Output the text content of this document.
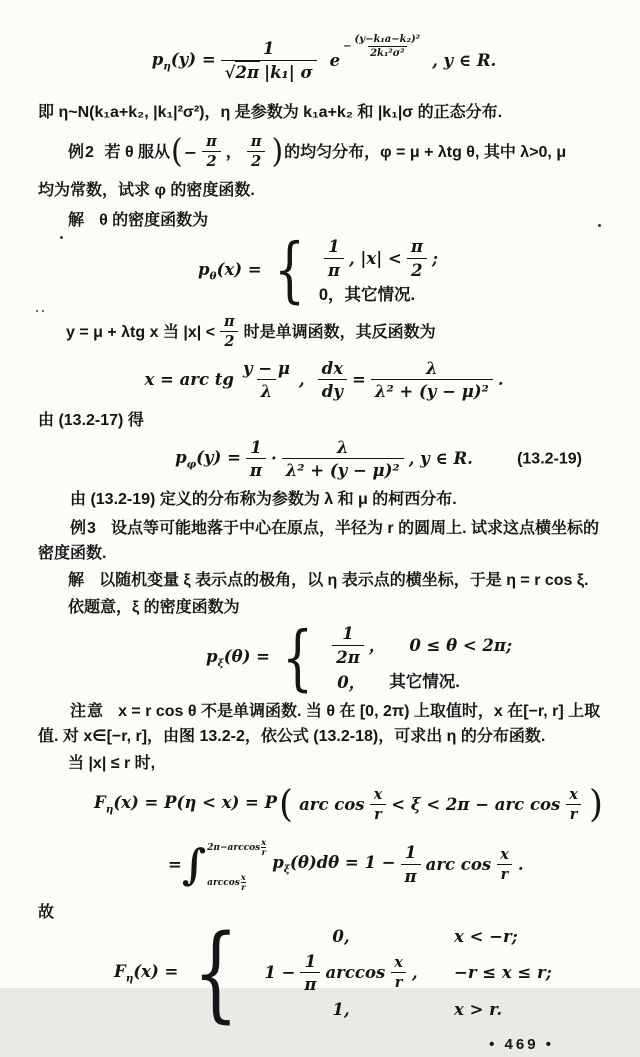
$p_\eta(y) = \frac{1}{\text{√2π |k₁| σ}}$ e
− $\frac{\text{(y−k₁a−k₂)²}}{\text{2k₁²σ²}}$
, y ∈ R.

即 η~N(k₁a+k₂, |k₁|²σ²)，η 是参数为 k₁a+k₂ 和 |k₁|σ 的正态分布.

例2 若 θ 服从 ( − $\frac{\pi}{2}$ ， $\frac{\pi}{2}$ ) 的均匀分布，φ = μ + λtg θ, 其中 λ>0, μ

均为常数，试求 φ 的密度函数.

解 θ 的密度函数为

$p_\theta(x)$ = { $\frac{1}{\pi}$ , $|x| < \frac{\pi}{2}$ ;
0，其它情况.
y = μ + λtg x 当 $|x| < \frac{\pi}{2}$ 时是单调函数，其反函数为
x = arc tg $\frac{y - \mu}{\lambda}$ , $\frac{dx}{dy} = \frac{\lambda}{\text{λ² + (y − μ)²}}$ .

由 (13.2-17) 得

$p_\varphi(y) = \frac{1}{\pi} \cdot \frac{\lambda}{\text{λ² + (y − μ)²}}$ , y ∈ R.	(13.2-19)

由 (13.2-19) 定义的分布称为参数为 λ 和 μ 的柯西分布.

例3 设点等可能地落于中心在原点，半径为 r 的圆周上. 试求这点横坐标的密度函数.

解 以随机变量 ξ 表示点的极角，以 η 表示点的横坐标，于是 η = r cos ξ.

依题意，ξ 的密度函数为

$p_\xi(\theta)$ = { $\frac{1}{2\pi}$ ， 0 ≤ θ < 2π;
0， 其它情况.

注意 x = r cos θ 不是单调函数. 当 θ 在 [0, 2π) 上取值时，x 在[−r, r] 上取值. 对 x∈[−r, r]，由图 13.2-2，依公式 (13.2-18)，可求出 η 的分布函数.

当 |x| ≤ r 时,

$F_\eta(x) = P(\eta < x) = P$ ( arc $\cos \frac{x}{r} < \xi < 2\pi$ − arc $\cos \frac{x}{r}$ )
= ∫ 2π−arccos
x
r
arccos
x
r
$p_\xi(\theta)d\theta = 1 - \frac{1}{\pi}$ arc $\cos \frac{x}{r}$ .

故

$F_\eta(x)$ = {	0,	x < −r;
$1 - \frac{1}{\pi}$ $\arccos \frac{x}{r}$ , −r ≤ x ≤ r;
1,	x > r.
• 469 •
